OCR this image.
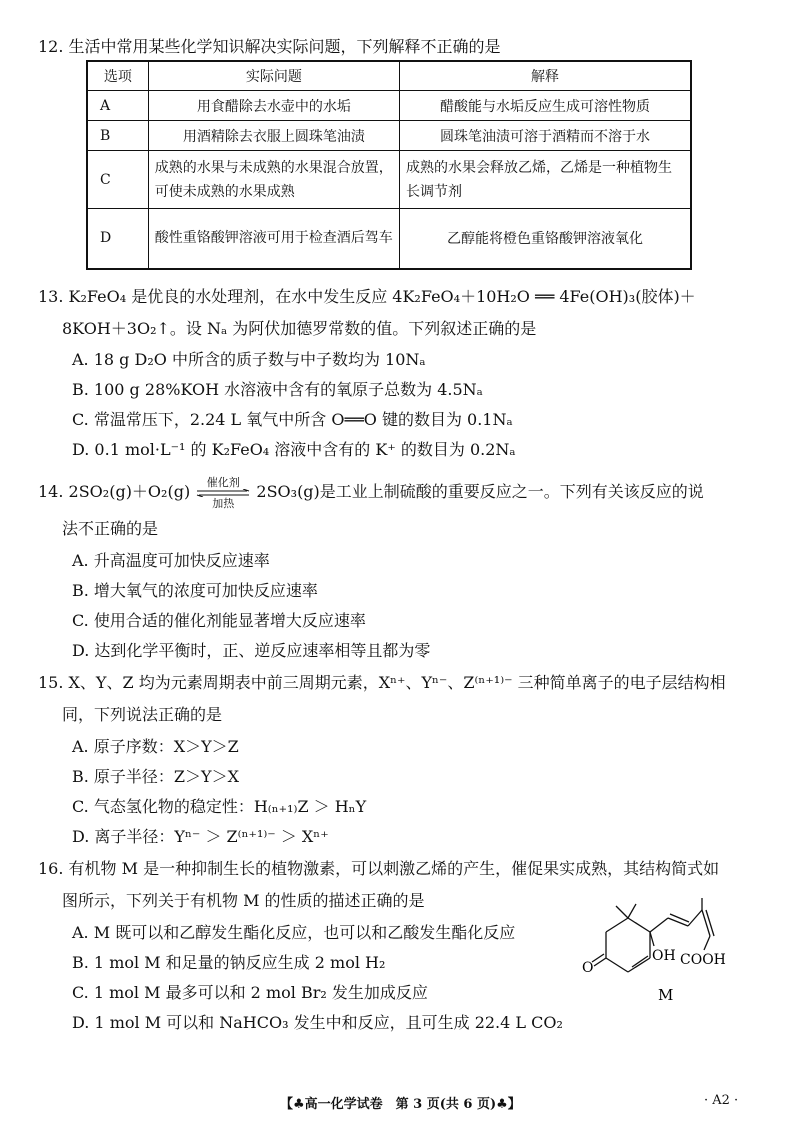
12. 生活中常用某些化学知识解决实际问题，下列解释不正确的是
选项	实际问题	解释
A	用食醋除去水壶中的水垢	醋酸能与水垢反应生成可溶性物质
B	用酒精除去衣服上圆珠笔油渍	圆珠笔油渍可溶于酒精而不溶于水
C	成熟的水果与未成熟的水果混合放置，可使未成熟的水果成熟	成熟的水果会释放乙烯，乙烯是一种植物生长调节剂
D	酸性重铬酸钾溶液可用于检查酒后驾车	乙醇能将橙色重铬酸钾溶液氧化
13. K₂FeO₄ 是优良的水处理剂，在水中发生反应 4K₂FeO₄＋10H₂O ══ 4Fe(OH)₃(胶体)＋
8KOH＋3O₂↑。设 Nₐ 为阿伏加德罗常数的值。下列叙述正确的是
A. 18 g D₂O 中所含的质子数与中子数均为 10Nₐ
B. 100 g 28%KOH 水溶液中含有的氧原子总数为 4.5Nₐ
C. 常温常压下，2.24 L 氧气中所含 O══O 键的数目为 0.1Nₐ
D. 0.1 mol·L⁻¹ 的 K₂FeO₄ 溶液中含有的 K⁺ 的数目为 0.2Nₐ
14. 2SO₂(g)＋O₂(g)	催化剂
加热
2SO₃(g)是工业上制硫酸的重要反应之一。下列有关该反应的说
法不正确的是
A. 升高温度可加快反应速率
B. 增大氧气的浓度可加快反应速率
C. 使用合适的催化剂能显著增大反应速率
D. 达到化学平衡时，正、逆反应速率相等且都为零
15. X、Y、Z 均为元素周期表中前三周期元素，Xⁿ⁺、Yⁿ⁻、Z⁽ⁿ⁺¹⁾⁻ 三种简单离子的电子层结构相
同，下列说法正确的是
A. 原子序数：X＞Y＞Z
B. 原子半径：Z＞Y＞X
C. 气态氢化物的稳定性：H₍ₙ₊₁₎Z ＞ HₙY
D. 离子半径：Yⁿ⁻ ＞ Z⁽ⁿ⁺¹⁾⁻ ＞ Xⁿ⁺
16. 有机物 M 是一种抑制生长的植物激素，可以刺激乙烯的产生，催促果实成熟，其结构简式如
图所示，下列关于有机物 M 的性质的描述正确的是
A. M 既可以和乙醇发生酯化反应，也可以和乙酸发生酯化反应
B. 1 mol M 和足量的钠反应生成 2 mol H₂
C. 1 mol M 最多可以和 2 mol Br₂ 发生加成反应
D. 1 mol M 可以和 NaHCO₃ 发生中和反应，且可生成 22.4 L CO₂
O
OH COOH
M
【♣高一化学试卷　第 3 页(共 6 页)♣】	· A2 ·
